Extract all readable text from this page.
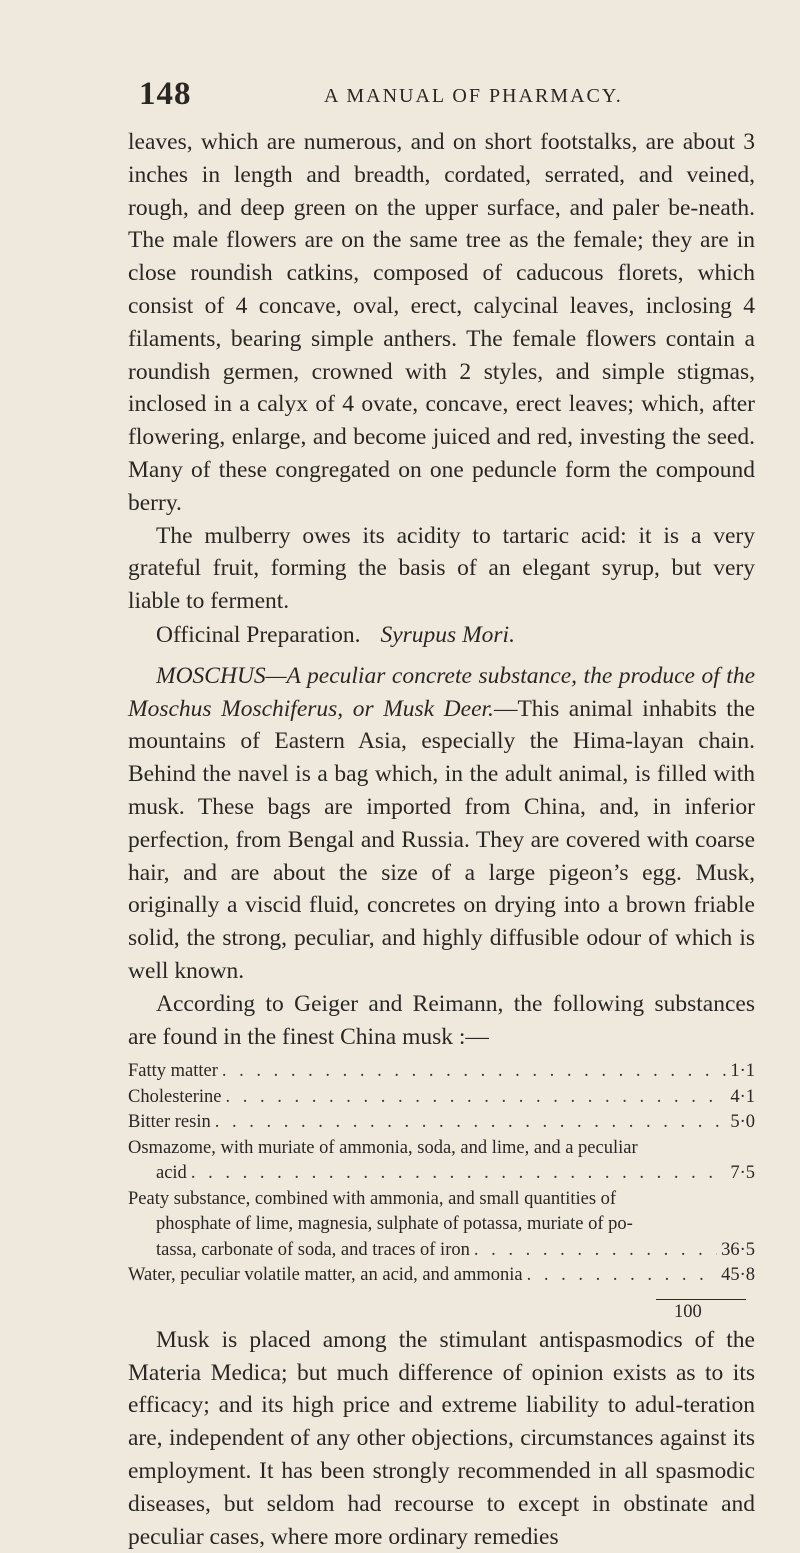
148	A MANUAL OF PHARMACY.

leaves, which are numerous, and on short footstalks, are about 3 inches in length and breadth, cordated, serrated, and veined, rough, and deep green on the upper surface, and paler be-neath. The male flowers are on the same tree as the female; they are in close roundish catkins, composed of caducous florets, which consist of 4 concave, oval, erect, calycinal leaves, inclosing 4 filaments, bearing simple anthers. The female flowers contain a roundish germen, crowned with 2 styles, and simple stigmas, inclosed in a calyx of 4 ovate, concave, erect leaves; which, after flowering, enlarge, and become juiced and red, investing the seed. Many of these congregated on one peduncle form the compound berry.

The mulberry owes its acidity to tartaric acid: it is a very grateful fruit, forming the basis of an elegant syrup, but very liable to ferment.

Officinal Preparation. Syrupus Mori.

MOSCHUS—A peculiar concrete substance, the produce of the Moschus Moschiferus, or Musk Deer.—This animal inhabits the mountains of Eastern Asia, especially the Hima-layan chain. Behind the navel is a bag which, in the adult animal, is filled with musk. These bags are imported from China, and, in inferior perfection, from Bengal and Russia. They are covered with coarse hair, and are about the size of a large pigeon’s egg. Musk, originally a viscid fluid, concretes on drying into a brown friable solid, the strong, peculiar, and highly diffusible odour of which is well known.

According to Geiger and Reimann, the following substances are found in the finest China musk :—

Fatty matter . . .	1·1
Cholesterine . . .	4·1
Bitter resin . . .	5·0
Osmazome, with muriate of ammonia, soda, and lime, and a peculiar
acid . . .	7·5
Peaty substance, combined with ammonia, and small quantities of
phosphate of lime, magnesia, sulphate of potassa, muriate of po-
tassa, carbonate of soda, and traces of iron . . .	36·5
Water, peculiar volatile matter, an acid, and ammonia . . .	45·8
100

Musk is placed among the stimulant antispasmodics of the Materia Medica; but much difference of opinion exists as to its efficacy; and its high price and extreme liability to adul-teration are, independent of any other objections, circumstances against its employment. It has been strongly recommended in all spasmodic diseases, but seldom had recourse to except in obstinate and peculiar cases, where more ordinary remedies
